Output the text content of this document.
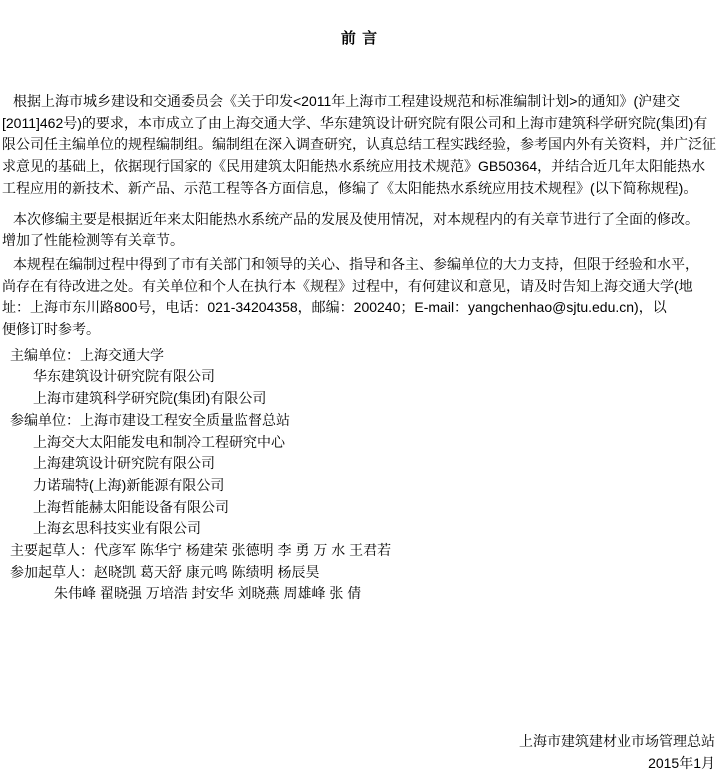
前 言
根据上海市城乡建设和交通委员会《关于印发<2011年上海市工程建设规范和标准编制计划>的通知》(沪建交
[2011]462号)的要求，本市成立了由上海交通大学、华东建筑设计研究院有限公司和上海市建筑科学研究院(集团)有
限公司任主编单位的规程编制组。编制组在深入调查研究，认真总结工程实践经验，参考国内外有关资料，并广泛征
求意见的基础上，依据现行国家的《民用建筑太阳能热水系统应用技术规范》GB50364，并结合近几年太阳能热水
工程应用的新技术、新产品、示范工程等各方面信息，修编了《太阳能热水系统应用技术规程》(以下简称规程)。
本次修编主要是根据近年来太阳能热水系统产品的发展及使用情况，对本规程内的有关章节进行了全面的修改。
增加了性能检测等有关章节。
本规程在编制过程中得到了市有关部门和领导的关心、指导和各主、参编单位的大力支持，但限于经验和水平，
尚存在有待改进之处。有关单位和个人在执行本《规程》过程中，有何建议和意见，请及时告知上海交通大学(地
址：上海市东川路800号，电话：021-34204358，邮编：200240；E-mail：yangchenhao@sjtu.edu.cn)，以
便修订时参考。
主编单位：上海交通大学
华东建筑设计研究院有限公司
上海市建筑科学研究院(集团)有限公司
参编单位：上海市建设工程安全质量监督总站
上海交大太阳能发电和制冷工程研究中心
上海建筑设计研究院有限公司
力诺瑞特(上海)新能源有限公司
上海哲能赫太阳能设备有限公司
上海玄思科技实业有限公司
主要起草人：代彦军 陈华宁 杨建荣 张德明 李 勇 万 水 王君若
参加起草人：赵晓凯 葛天舒 康元鸣 陈绩明 杨辰昊
朱伟峰 翟晓强 万培浩 封安华 刘晓燕 周雄峰 张 倩
上海市建筑建材业市场管理总站
2015年1月
